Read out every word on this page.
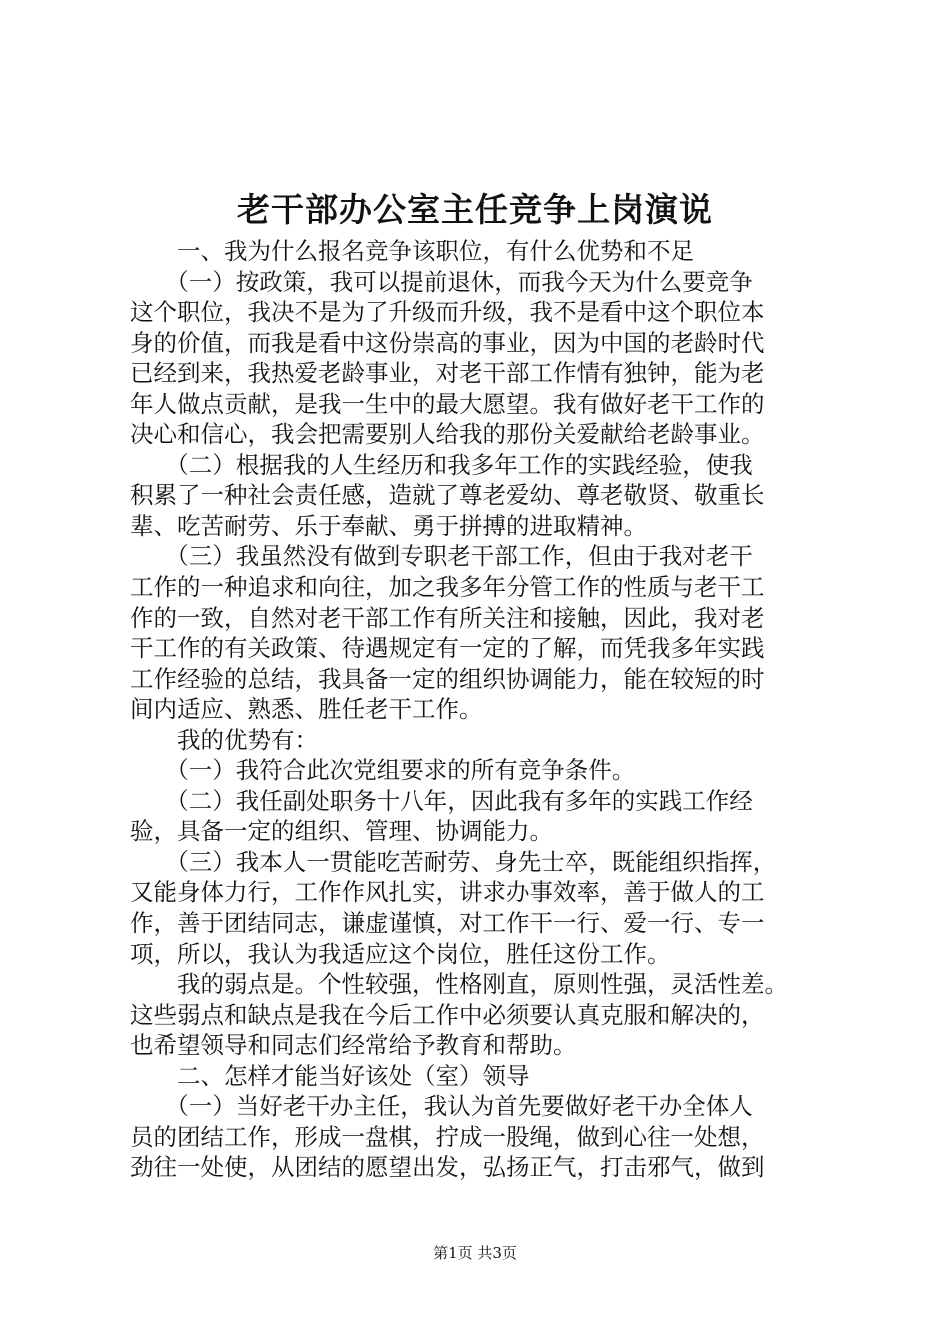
老干部办公室主任竞争上岗演说
　　一、我为什么报名竞争该职位，有什么优势和不足
　　（一）按政策，我可以提前退休，而我今天为什么要竞争
这个职位，我决不是为了升级而升级，我不是看中这个职位本
身的价值，而我是看中这份崇高的事业，因为中国的老龄时代
已经到来，我热爱老龄事业，对老干部工作情有独钟，能为老
年人做点贡献，是我一生中的最大愿望。我有做好老干工作的
决心和信心，我会把需要别人给我的那份关爱献给老龄事业。
　　（二）根据我的人生经历和我多年工作的实践经验，使我
积累了一种社会责任感，造就了尊老爱幼、尊老敬贤、敬重长
辈、吃苦耐劳、乐于奉献、勇于拼搏的进取精神。
　　（三）我虽然没有做到专职老干部工作，但由于我对老干
工作的一种追求和向往，加之我多年分管工作的性质与老干工
作的一致，自然对老干部工作有所关注和接触，因此，我对老
干工作的有关政策、待遇规定有一定的了解，而凭我多年实践
工作经验的总结，我具备一定的组织协调能力，能在较短的时
间内适应、熟悉、胜任老干工作。
　　我的优势有：
　　（一）我符合此次党组要求的所有竞争条件。
　　（二）我任副处职务十八年，因此我有多年的实践工作经
验，具备一定的组织、管理、协调能力。
　　（三）我本人一贯能吃苦耐劳、身先士卒，既能组织指挥，
又能身体力行，工作作风扎实，讲求办事效率，善于做人的工
作，善于团结同志，谦虚谨慎，对工作干一行、爱一行、专一
项，所以，我认为我适应这个岗位，胜任这份工作。
　　我的弱点是。个性较强，性格刚直，原则性强，灵活性差。
这些弱点和缺点是我在今后工作中必须要认真克服和解决的，
也希望领导和同志们经常给予教育和帮助。
　　二、怎样才能当好该处（室）领导
　　（一）当好老干办主任，我认为首先要做好老干办全体人
员的团结工作，形成一盘棋，拧成一股绳，做到心往一处想，
劲往一处使，从团结的愿望出发，弘扬正气，打击邪气，做到
第1页 共3页
